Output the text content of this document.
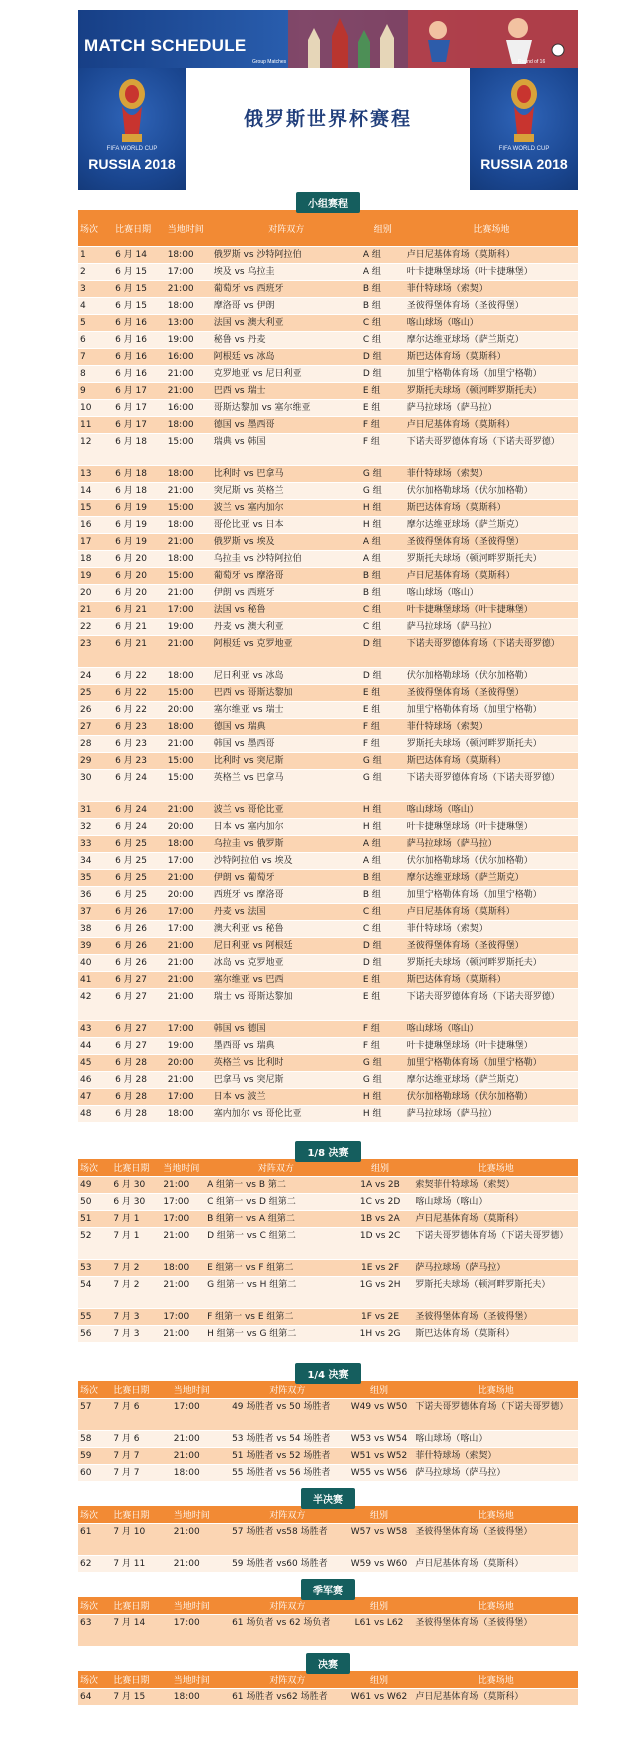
MATCH SCHEDULE
Group Matches	Round of 16
FIFA WORLD CUP
RUSSIA 2018
俄罗斯世界杯赛程
FIFA WORLD CUP
RUSSIA 2018
小组赛程
场次	比赛日期	当地时间	对阵双方	组别	比赛场地
1	6 月 14	18:00	俄罗斯 vs 沙特阿拉伯	A 组	卢日尼基体育场（莫斯科）
2	6 月 15	17:00	埃及 vs 乌拉圭	A 组	叶卡捷琳堡球场（叶卡捷琳堡）
3	6 月 15	21:00	葡萄牙 vs 西班牙	B 组	菲什特球场（索契）
4	6 月 15	18:00	摩洛哥 vs 伊朗	B 组	圣彼得堡体育场（圣彼得堡）
5	6 月 16	13:00	法国 vs 澳大利亚	C 组	喀山球场（喀山）
6	6 月 16	19:00	秘鲁 vs 丹麦	C 组	摩尔达维亚球场（萨兰斯克）
7	6 月 16	16:00	阿根廷 vs 冰岛	D 组	斯巴达体育场（莫斯科）
8	6 月 16	21:00	克罗地亚 vs 尼日利亚	D 组	加里宁格勒体育场（加里宁格勒）
9	6 月 17	21:00	巴西 vs 瑞士	E 组	罗斯托夫球场（顿河畔罗斯托夫）
10	6 月 17	16:00	哥斯达黎加 vs 塞尔维亚	E 组	萨马拉球场（萨马拉）
11	6 月 17	18:00	德国 vs 墨西哥	F 组	卢日尼基体育场（莫斯科）
12	6 月 18	15:00	瑞典 vs 韩国	F 组	下诺夫哥罗德体育场（下诺夫哥罗德）
13	6 月 18	18:00	比利时 vs 巴拿马	G 组	菲什特球场（索契）
14	6 月 18	21:00	突尼斯 vs 英格兰	G 组	伏尔加格勒球场（伏尔加格勒）
15	6 月 19	15:00	波兰 vs 塞内加尔	H 组	斯巴达体育场（莫斯科）
16	6 月 19	18:00	哥伦比亚 vs 日本	H 组	摩尔达维亚球场（萨兰斯克）
17	6 月 19	21:00	俄罗斯 vs 埃及	A 组	圣彼得堡体育场（圣彼得堡）
18	6 月 20	18:00	乌拉圭 vs 沙特阿拉伯	A 组	罗斯托夫球场（顿河畔罗斯托夫）
19	6 月 20	15:00	葡萄牙 vs 摩洛哥	B 组	卢日尼基体育场（莫斯科）
20	6 月 20	21:00	伊朗 vs 西班牙	B 组	喀山球场（喀山）
21	6 月 21	17:00	法国 vs 秘鲁	C 组	叶卡捷琳堡球场（叶卡捷琳堡）
22	6 月 21	19:00	丹麦 vs 澳大利亚	C 组	萨马拉球场（萨马拉）
23	6 月 21	21:00	阿根廷 vs 克罗地亚	D 组	下诺夫哥罗德体育场（下诺夫哥罗德）
24	6 月 22	18:00	尼日利亚 vs 冰岛	D 组	伏尔加格勒球场（伏尔加格勒）
25	6 月 22	15:00	巴西 vs 哥斯达黎加	E 组	圣彼得堡体育场（圣彼得堡）
26	6 月 22	20:00	塞尔维亚 vs 瑞士	E 组	加里宁格勒体育场（加里宁格勒）
27	6 月 23	18:00	德国 vs 瑞典	F 组	菲什特球场（索契）
28	6 月 23	21:00	韩国 vs 墨西哥	F 组	罗斯托夫球场（顿河畔罗斯托夫）
29	6 月 23	15:00	比利时 vs 突尼斯	G 组	斯巴达体育场（莫斯科）
30	6 月 24	15:00	英格兰 vs 巴拿马	G 组	下诺夫哥罗德体育场（下诺夫哥罗德）
31	6 月 24	21:00	波兰 vs 哥伦比亚	H 组	喀山球场（喀山）
32	6 月 24	20:00	日本 vs 塞内加尔	H 组	叶卡捷琳堡球场（叶卡捷琳堡）
33	6 月 25	18:00	乌拉圭 vs 俄罗斯	A 组	萨马拉球场（萨马拉）
34	6 月 25	17:00	沙特阿拉伯 vs 埃及	A 组	伏尔加格勒球场（伏尔加格勒）
35	6 月 25	21:00	伊朗 vs 葡萄牙	B 组	摩尔达维亚球场（萨兰斯克）
36	6 月 25	20:00	西班牙 vs 摩洛哥	B 组	加里宁格勒体育场（加里宁格勒）
37	6 月 26	17:00	丹麦 vs 法国	C 组	卢日尼基体育场（莫斯科）
38	6 月 26	17:00	澳大利亚 vs 秘鲁	C 组	菲什特球场（索契）
39	6 月 26	21:00	尼日利亚 vs 阿根廷	D 组	圣彼得堡体育场（圣彼得堡）
40	6 月 26	21:00	冰岛 vs 克罗地亚	D 组	罗斯托夫球场（顿河畔罗斯托夫）
41	6 月 27	21:00	塞尔维亚 vs 巴西	E 组	斯巴达体育场（莫斯科）
42	6 月 27	21:00	瑞士 vs 哥斯达黎加	E 组	下诺夫哥罗德体育场（下诺夫哥罗德）
43	6 月 27	17:00	韩国 vs 德国	F 组	喀山球场（喀山）
44	6 月 27	19:00	墨西哥 vs 瑞典	F 组	叶卡捷琳堡球场（叶卡捷琳堡）
45	6 月 28	20:00	英格兰 vs 比利时	G 组	加里宁格勒体育场（加里宁格勒）
46	6 月 28	21:00	巴拿马 vs 突尼斯	G 组	摩尔达维亚球场（萨兰斯克）
47	6 月 28	17:00	日本 vs 波兰	H 组	伏尔加格勒球场（伏尔加格勒）
48	6 月 28	18:00	塞内加尔 vs 哥伦比亚	H 组	萨马拉球场（萨马拉）
1/8 决赛
场次	比赛日期	当地时间	对阵双方	组别	比赛场地
49	6 月 30	21:00	A 组第一 vs B 第二	1A vs 2B	索契菲什特球场（索契）
50	6 月 30	17:00	C 组第一 vs D 组第二	1C vs 2D	喀山球场（喀山）
51	7 月 1	17:00	B 组第一 vs A 组第二	1B vs 2A	卢日尼基体育场（莫斯科）
52	7 月 1	21:00	D 组第一 vs C 组第二	1D vs 2C	下诺夫哥罗德体育场（下诺夫哥罗德）
53	7 月 2	18:00	E 组第一 vs F 组第二	1E vs 2F	萨马拉球场（萨马拉）
54	7 月 2	21:00	G 组第一 vs H 组第二	1G vs 2H	罗斯托夫球场（顿河畔罗斯托夫）
55	7 月 3	17:00	F 组第一 vs E 组第二	1F vs 2E	圣彼得堡体育场（圣彼得堡）
56	7 月 3	21:00	H 组第一 vs G 组第二	1H vs 2G	斯巴达体育场（莫斯科）
1/4 决赛
场次	比赛日期	当地时间	对阵双方	组别	比赛场地
57	7 月 6	17:00	49 场胜者 vs 50 场胜者	W49 vs W50	下诺夫哥罗德体育场（下诺夫哥罗德）
58	7 月 6	21:00	53 场胜者 vs 54 场胜者	W53 vs W54	喀山球场（喀山）
59	7 月 7	21:00	51 场胜者 vs 52 场胜者	W51 vs W52	菲什特球场（索契）
60	7 月 7	18:00	55 场胜者 vs 56 场胜者	W55 vs W56	萨马拉球场（萨马拉）
半决赛
场次	比赛日期	当地时间	对阵双方	组别	比赛场地
61	7 月 10	21:00	57 场胜者 vs58 场胜者	W57 vs W58	圣彼得堡体育场（圣彼得堡）
62	7 月 11	21:00	59 场胜者 vs60 场胜者	W59 vs W60	卢日尼基体育场（莫斯科）
季军赛
场次	比赛日期	当地时间	对阵双方	组别	比赛场地
63	7 月 14	17:00	61 场负者 vs 62 场负者	L61 vs L62	圣彼得堡体育场（圣彼得堡）
决赛
场次	比赛日期	当地时间	对阵双方	组别	比赛场地
64	7 月 15	18:00	61 场胜者 vs62 场胜者	W61 vs W62	卢日尼基体育场（莫斯科）
